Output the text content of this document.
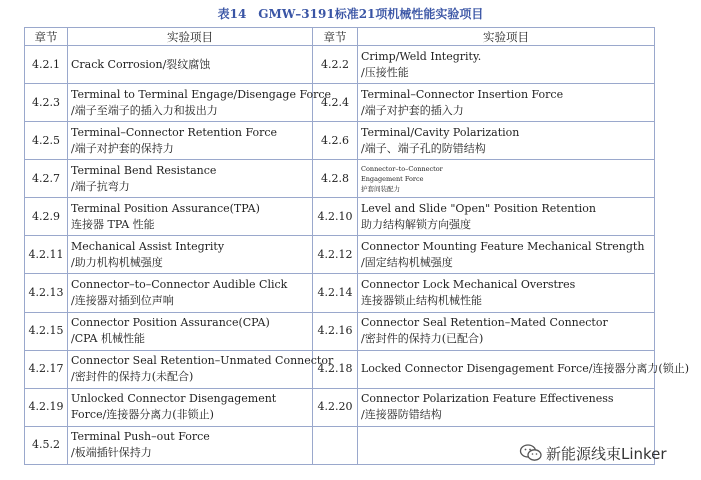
表14 GMW–3191标准21项机械性能实验项目
章节	实验项目	章节	实验项目
4.2.1	Crack Corrosion/裂纹腐蚀	4.2.2	Crimp/Weld Integrity.
/压接性能

4.2.3	Terminal to Terminal Engage/Disengage Force
/端子至端子的插入力和拔出力	4.2.4	Terminal–Connector Insertion Force
/端子对护套的插入力

4.2.5	Terminal–Connector Retention Force
/端子对护套的保持力	4.2.6	Terminal/Cavity Polarization
/端子、端子孔的防错结构

4.2.7	Terminal Bend Resistance
/端子抗弯力	4.2.8	Connector–to–Connector
Engagement Force
护套间装配力

4.2.9	Terminal Position Assurance(TPA)
连接器 TPA 性能	4.2.10	Level and Slide "Open" Position Retention
助力结构解锁方向强度

4.2.11	Mechanical Assist Integrity
/助力机构机械强度	4.2.12	Connector Mounting Feature Mechanical Strength
/固定结构机械强度

4.2.13	Connector–to–Connector Audible Click
/连接器对插到位声响	4.2.14	Connector Lock Mechanical Overstres
连接器锁止结构机械性能

4.2.15	Connector Position Assurance(CPA)
/CPA 机械性能	4.2.16	Connector Seal Retention–Mated Connector
/密封件的保持力(已配合)

4.2.17	Connector Seal Retention–Unmated Connector
/密封件的保持力(未配合)	4.2.18	Locked Connector Disengagement Force/连接器分离力(锁止)

4.2.19	Unlocked Connector Disengagement
Force/连接器分离力(非锁止)	4.2.20	Connector Polarization Feature Effectiveness
/连接器防错结构

4.5.2	Terminal Push–out Force
/板端插针保持力		
			新能源线束Linker
